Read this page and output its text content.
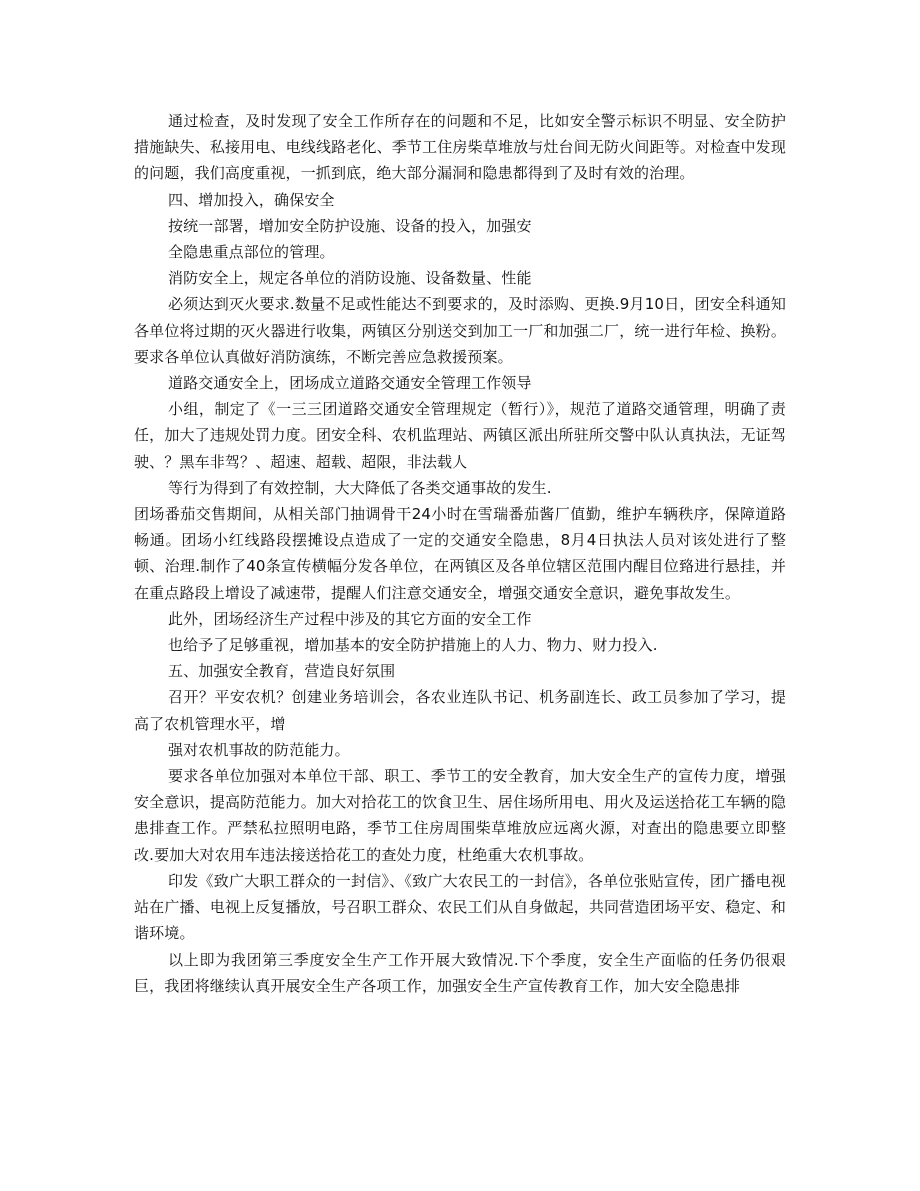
通过检查，及时发现了安全工作所存在的问题和不足，比如安全警示标识不明显、安全防护措施缺失、私接用电、电线线路老化、季节工住房柴草堆放与灶台间无防火间距等。对检查中发现的问题，我们高度重视，一抓到底，绝大部分漏洞和隐患都得到了及时有效的治理。

四、增加投入，确保安全

按统一部署，增加安全防护设施、设备的投入，加强安

全隐患重点部位的管理。

消防安全上，规定各单位的消防设施、设备数量、性能

必须达到灭火要求.数量不足或性能达不到要求的，及时添购、更换.9月10日，团安全科通知各单位将过期的灭火器进行收集，两镇区分别送交到加工一厂和加强二厂，统一进行年检、换粉。要求各单位认真做好消防演练，不断完善应急救援预案。

道路交通安全上，团场成立道路交通安全管理工作领导

小组，制定了《一三三团道路交通安全管理规定（暂行）》，规范了道路交通管理，明确了责任，加大了违规处罚力度。团安全科、农机监理站、两镇区派出所驻所交警中队认真执法，无证驾驶、？黑车非驾？、超速、超载、超限，非法载人

等行为得到了有效控制，大大降低了各类交通事故的发生.

团场番茄交售期间，从相关部门抽调骨干24小时在雪瑞番茄酱厂值勤，维护车辆秩序，保障道路畅通。团场小红线路段摆摊设点造成了一定的交通安全隐患，8月4日执法人员对该处进行了整顿、治理.制作了40条宣传横幅分发各单位，在两镇区及各单位辖区范围内醒目位臵进行悬挂，并在重点路段上增设了减速带，提醒人们注意交通安全，增强交通安全意识，避免事故发生。

此外，团场经济生产过程中涉及的其它方面的安全工作

也给予了足够重视，增加基本的安全防护措施上的人力、物力、财力投入.

五、加强安全教育，营造良好氛围

召开？平安农机？创建业务培训会，各农业连队书记、机务副连长、政工员参加了学习，提高了农机管理水平，增

强对农机事故的防范能力。

要求各单位加强对本单位干部、职工、季节工的安全教育，加大安全生产的宣传力度，增强安全意识，提高防范能力。加大对拾花工的饮食卫生、居住场所用电、用火及运送拾花工车辆的隐患排查工作。严禁私拉照明电路，季节工住房周围柴草堆放应远离火源，对查出的隐患要立即整改.要加大对农用车违法接送拾花工的查处力度，杜绝重大农机事故。

印发《致广大职工群众的一封信》、《致广大农民工的一封信》，各单位张贴宣传，团广播电视站在广播、电视上反复播放，号召职工群众、农民工们从自身做起，共同营造团场平安、稳定、和谐环境。

以上即为我团第三季度安全生产工作开展大致情况.下个季度，安全生产面临的任务仍很艰巨，我团将继续认真开展安全生产各项工作，加强安全生产宣传教育工作，加大安全隐患排
